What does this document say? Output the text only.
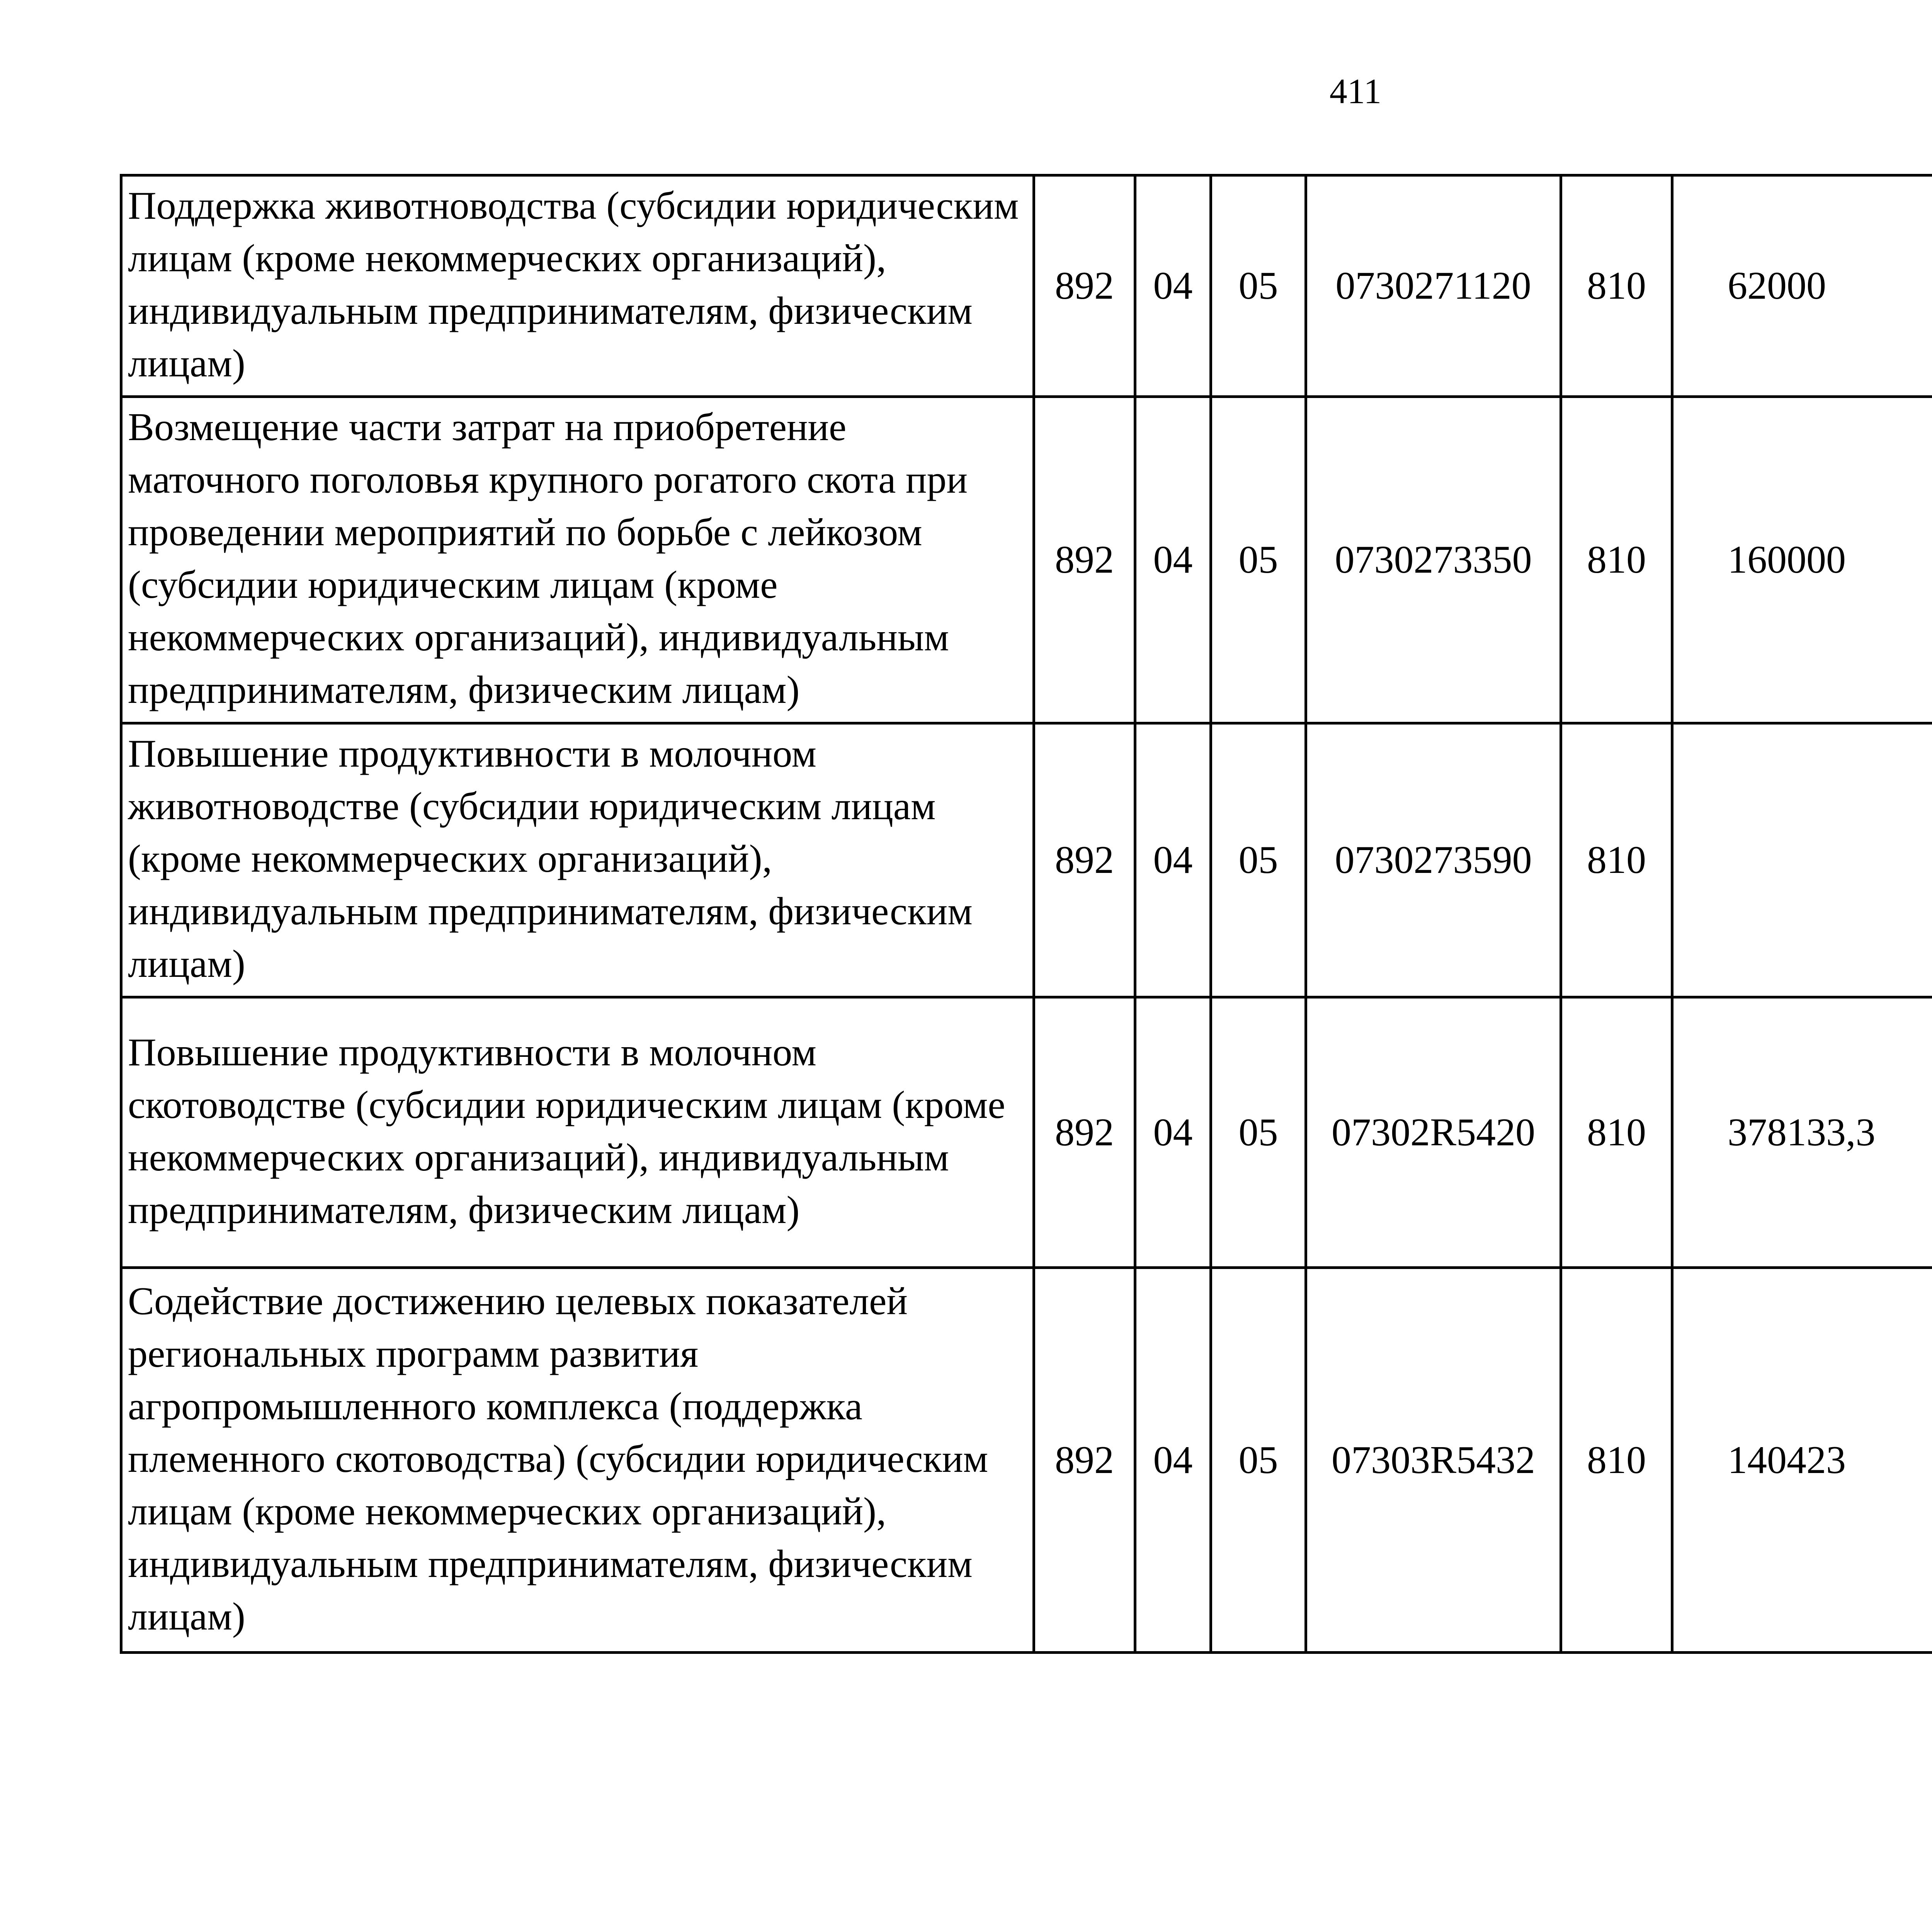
411
Поддержка животноводства (субсидии юридическим лицам (кроме некоммерческих организаций), индивидуальным предпринимателям, физическим лицам)	892	04	05	0730271120	810	62000		
Возмещение части затрат на приобретение маточного поголовья крупного рогатого скота при проведении мероприятий по борьбе с лейкозом (субсидии юридическим лицам (кроме некоммерческих организаций), индивидуальным предпринимателям, физическим лицам)	892	04	05	0730273350	810	160000		
Повышение продуктивности в молочном животноводстве (субсидии юридическим лицам (кроме некоммерческих организаций), индивидуальным предпринимателям, физическим лицам)	892	04	05	0730273590	810			
Повышение продуктивности в молочном скотоводстве (субсидии юридическим лицам (кроме некоммерческих организаций), индивидуальным предпринимателям, физическим лицам)	892	04	05	07302R5420	810	378133,3		
Содействие достижению целевых показателей региональных программ развития агропромышленного комплекса (поддержка племенного скотоводства) (субсидии юридическим лицам (кроме некоммерческих организаций), индивидуальным предпринимателям, физическим лицам)	892	04	05	07303R5432	810	140423		
